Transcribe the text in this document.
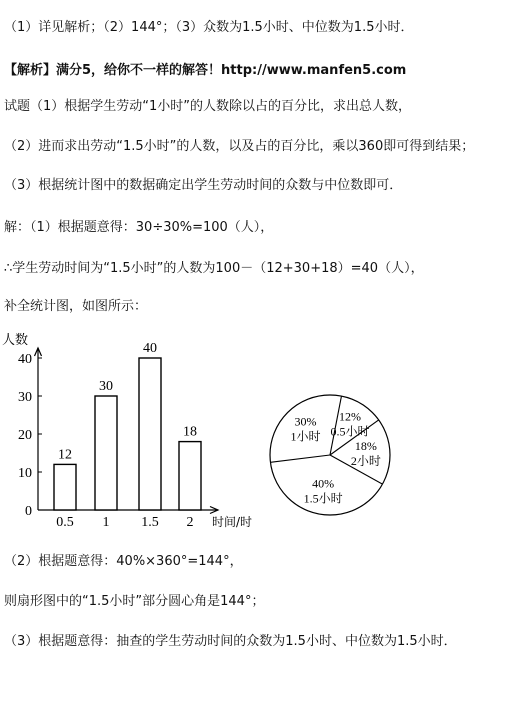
（1）详见解析；（2）144°；（3）众数为1.5小时、中位数为1.5小时．
【解析】满分5，给你不一样的解答！http://www.manfen5.com
试题（1）根据学生劳动“1小时”的人数除以占的百分比，求出总人数，
（2）进而求出劳动“1.5小时”的人数，以及占的百分比，乘以360即可得到结果；
（3）根据统计图中的数据确定出学生劳动时间的众数与中位数即可．
解：（1）根据题意得：30÷30%=100（人），
∴学生劳动时间为“1.5小时”的人数为100－（12+30+18）=40（人），
补全统计图，如图所示：
（2）根据题意得：40%×360°=144°，
则扇形图中的“1.5小时”部分圆心角是144°；
（3）根据题意得：抽查的学生劳动时间的众数为1.5小时、中位数为1.5小时．
人数
时间/时
0
10
20
30
40
12
0.5
30
1
40
1.5
18
2
30%
1小时
12%
0.5小时
18%
2小时
40%
1.5小时
